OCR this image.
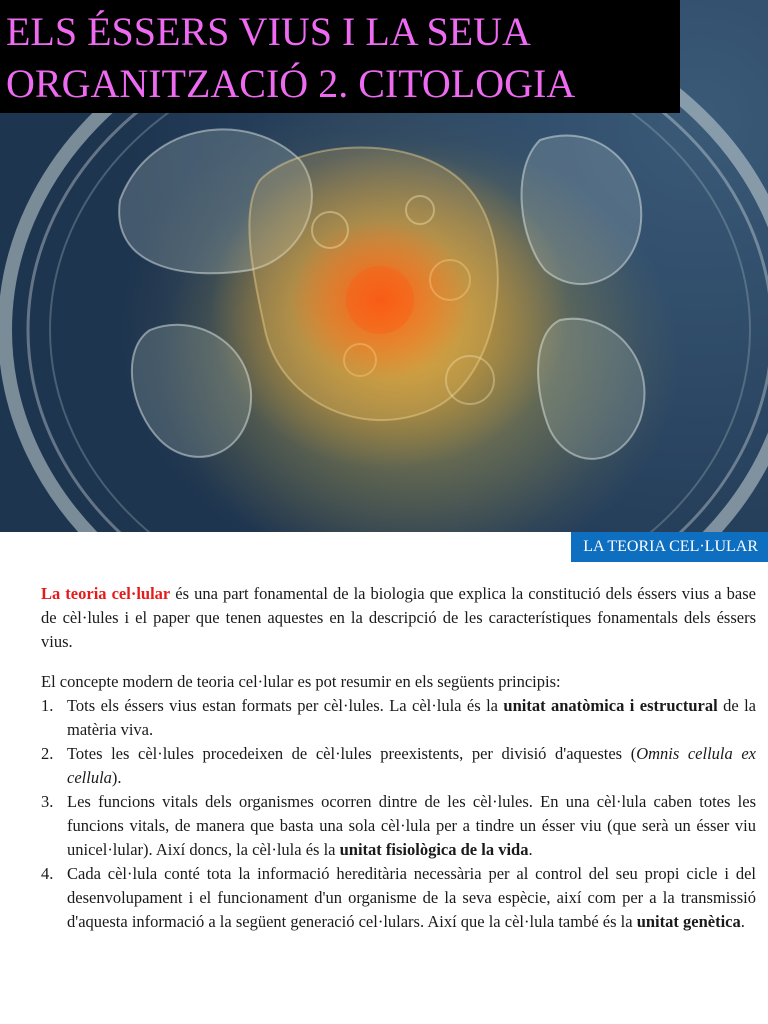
ELS ÉSSERS VIUS I LA SEUA
ORGANITZACIÓ 2. CITOLOGIA
LA TEORIA CEL·LULAR

La teoria cel·lular és una part fonamental de la biologia que explica la constitució dels éssers vius a base de cèl·lules i el paper que tenen aquestes en la descripció de les característiques fonamentals dels éssers vius.

El concepte modern de teoria cel·lular es pot resumir en els següents principis:

1. Tots els éssers vius estan formats per cèl·lules. La cèl·lula és la unitat anatòmica i estructural de la matèria viva.
2. Totes les cèl·lules procedeixen de cèl·lules preexistents, per divisió d'aquestes (Omnis cellula ex cellula).
3. Les funcions vitals dels organismes ocorren dintre de les cèl·lules. En una cèl·lula caben totes les funcions vitals, de manera que basta una sola cèl·lula per a tindre un ésser viu (que serà un ésser viu unicel·lular). Així doncs, la cèl·lula és la unitat fisiològica de la vida.
4. Cada cèl·lula conté tota la informació hereditària necessària per al control del seu propi cicle i del desenvolupament i el funcionament d'un organisme de la seva espècie, així com per a la transmissió d'aquesta informació a la següent generació cel·lulars. Així que la cèl·lula també és la unitat genètica.
